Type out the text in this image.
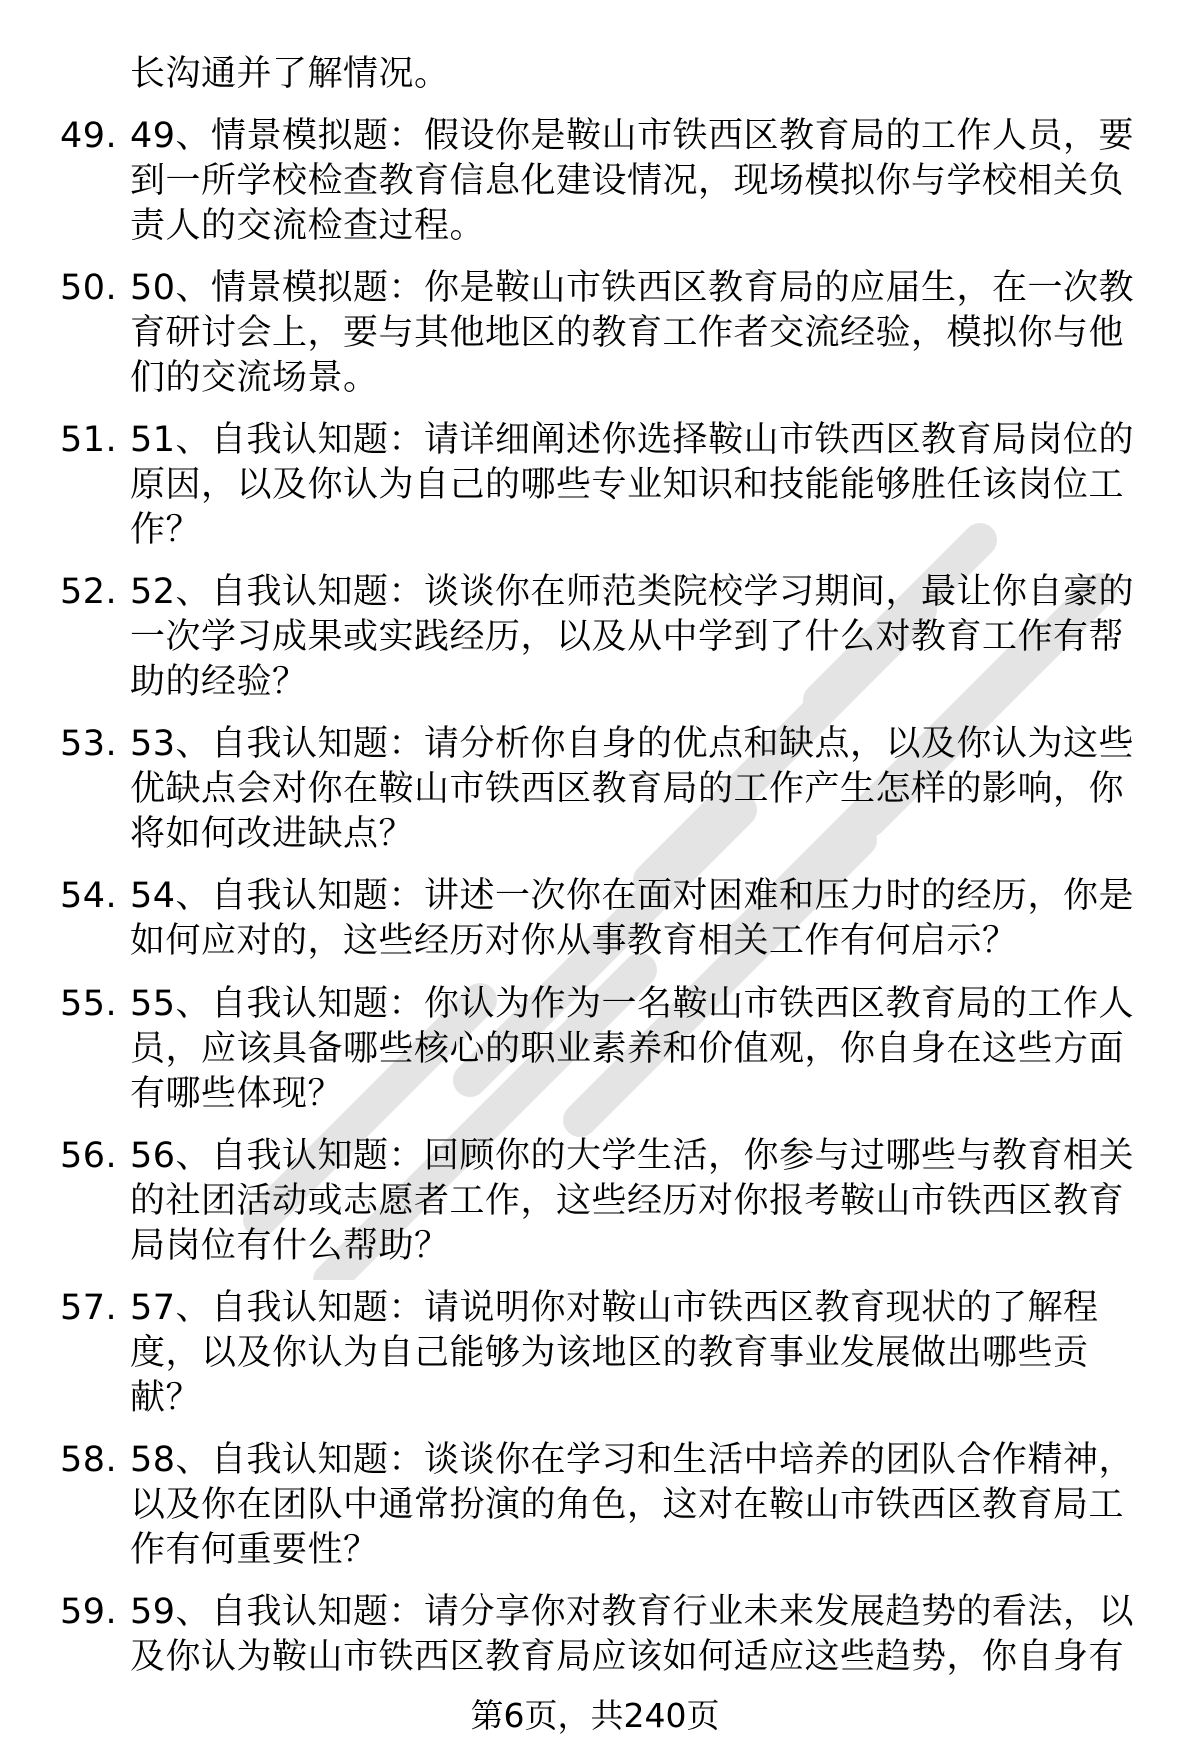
长沟通并了解情况。
49. 49、情景模拟题：假设你是鞍山市铁西区教育局的工作人员，要
到一所学校检查教育信息化建设情况，现场模拟你与学校相关负
责人的交流检查过程。
50. 50、情景模拟题：你是鞍山市铁西区教育局的应届生，在一次教
育研讨会上，要与其他地区的教育工作者交流经验，模拟你与他
们的交流场景。
51. 51、自我认知题：请详细阐述你选择鞍山市铁西区教育局岗位的
原因，以及你认为自己的哪些专业知识和技能能够胜任该岗位工
作？
52. 52、自我认知题：谈谈你在师范类院校学习期间，最让你自豪的
一次学习成果或实践经历，以及从中学到了什么对教育工作有帮
助的经验？
53. 53、自我认知题：请分析你自身的优点和缺点，以及你认为这些
优缺点会对你在鞍山市铁西区教育局的工作产生怎样的影响，你
将如何改进缺点？
54. 54、自我认知题：讲述一次你在面对困难和压力时的经历，你是
如何应对的，这些经历对你从事教育相关工作有何启示？
55. 55、自我认知题：你认为作为一名鞍山市铁西区教育局的工作人
员，应该具备哪些核心的职业素养和价值观，你自身在这些方面
有哪些体现？
56. 56、自我认知题：回顾你的大学生活，你参与过哪些与教育相关
的社团活动或志愿者工作，这些经历对你报考鞍山市铁西区教育
局岗位有什么帮助？
57. 57、自我认知题：请说明你对鞍山市铁西区教育现状的了解程
度，以及你认为自己能够为该地区的教育事业发展做出哪些贡
献？
58. 58、自我认知题：谈谈你在学习和生活中培养的团队合作精神，
以及你在团队中通常扮演的角色，这对在鞍山市铁西区教育局工
作有何重要性？
59. 59、自我认知题：请分享你对教育行业未来发展趋势的看法，以
及你认为鞍山市铁西区教育局应该如何适应这些趋势，你自身有
第6页，共240页
